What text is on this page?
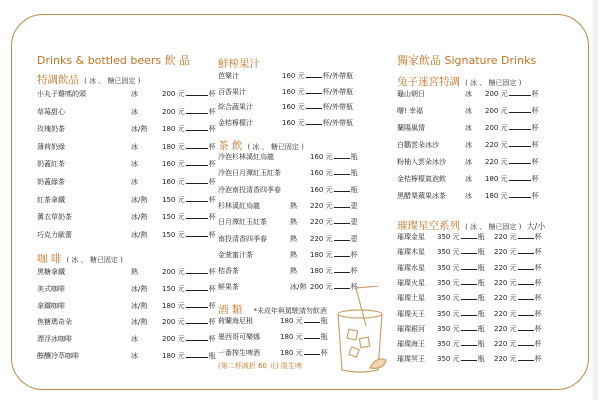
Drinks & bottled beers 飲 品
特調飲品 ( 冰 、 糖已固定 )
小丸子雞嗎的頭	冰	200 元	杯
草莓甜心	冰	200 元	杯
玫瑰奶茶	冰/熱 180 元	杯
薄荷奶綠	冰	180 元	杯
奶蓋紅茶	冰	160 元	杯
奶蓋綠茶	冰	160 元	杯
紅茶拿鐵	冰/熱 150 元	杯
薰衣草奶茶	冰/熱 150 元	杯
巧克力歐蕾	冰/熱 150 元	杯
咖 啡 ( 冰 、 糖已固定 )
黑糖拿鐵	熱	200 元	杯
美式咖啡	冰/熱 150 元	杯
拿鐵咖啡	冰/熱 180 元	杯
焦糖瑪奇朵	冰/熱 200 元	杯
漂浮冰咖啡	冰	200 元	杯
醇釀冷萃咖啡	冰	180 元	瓶
鮮榨果汁
芭樂汁	160 元	杯/外帶瓶
百香果汁	160 元	杯/外帶瓶
綜合蔬果汁	160 元	杯/外帶瓶
金桔檸檬汁	160 元	杯/外帶瓶
茶 飲 ( 冰 、 糖已固定 )
冷泡杉林溪紅烏龍	160 元	瓶
冷泡日月潭紅玉紅茶	160 元	瓶
冷泡南投清香四季春	160 元	瓶
杉林溪紅烏龍	熱 220 元	壺
日月潭紅玉紅茶	熱 220 元	壺
南投清香四季春	熱 220 元	壺
金萱蜜汁茶	熱 180 元	杯
桔香茶	熱 180 元	杯
鮮果茶	冰/熱 200 元	杯
酒 類 *未成年與駕駛請勿飲酒
荷蘭海尼根	180 元	瓶
墨西哥可樂娜	180 元	瓶
一番搾生啤酒	180 元	杯
(第二杯減折 60 元) 限生啤
獨家飲品 Signature Drinks
兔子迷宮特調 ( 冰 、 糖已固定 )
龜山朝日	冰 200 元	杯
曙! 幸福	冰 200 元	杯
蘭陽風情	冰 200 元	杯
白鸛雲朵冰沙	冰 220 元	杯
粉柚入雲朵冰沙	冰 220 元	杯
金桔檸檬氣泡飲	冰 180 元	杯
黑醋栗蘋果冰茶	冰 180 元	杯
璀璨星空系列 ( 冰 、 糖已固定 ) 大/小
璀璨金星 350 元	瓶 220 元	杯
璀璨木星 350 元	瓶 220 元	杯
璀璨水星 350 元	瓶 220 元	杯
璀璨火星 350 元	瓶 220 元	杯
璀璨土星 350 元	瓶 220 元	杯
璀璨天王 350 元	瓶 220 元	杯
璀璨銀河 350 元	瓶 220 元	杯
璀璨海王 350 元	瓶 220 元	杯
璀璨冥王 350 元	瓶 220 元	杯
